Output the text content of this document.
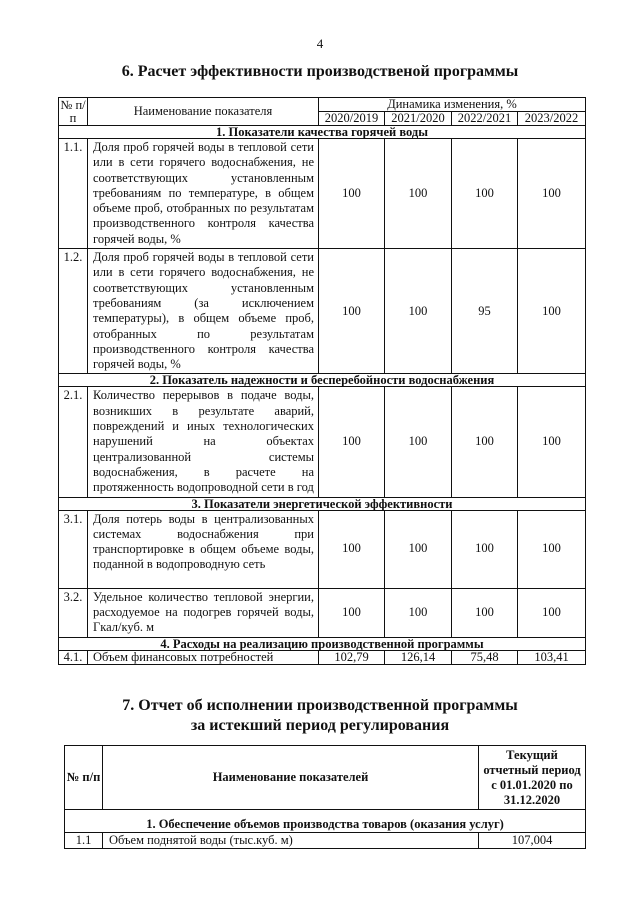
4
6. Расчет эффективности производственой программы
№ п/п	Наименование показателя	Динамика изменения, %			
		2020/2019	2021/2020	2022/2021	2023/2022
1. Показатели качества горячей воды					
1.1.	Доля проб горячей воды в тепловой сети или в сети горячего водоснабжения, не соответствующих установленным требованиям по температуре, в общем объеме проб, отобранных по результатам производственного контроля качества горячей воды, %	100	100	100	100
1.2.	Доля проб горячей воды в тепловой сети или в сети горячего водоснабжения, не соответствующих установленным требованиям (за исключением температуры), в общем объеме проб, отобранных по результатам производственного контроля качества горячей воды, %	100	100	95	100
2. Показатель надежности и бесперебойности водоснабжения					
2.1.	Количество перерывов в подаче воды, возникших в результате аварий, повреждений и иных технологических нарушений на объектах централизованной системы водоснабжения, в расчете на протяженность водопроводной сети в год	100	100	100	100
3. Показатели энергетической эффективности					
3.1.	Доля потерь воды в централизованных системах водоснабжения при транспортировке в общем объеме воды, поданной в водопроводную сеть	100	100	100	100
3.2.	Удельное количество тепловой энергии, расходуемое на подогрев горячей воды, Гкал/куб. м	100	100	100	100
4. Расходы на реализацию производственной программы					
4.1.	Объем финансовых потребностей	102,79	126,14	75,48	103,41
7. Отчет об исполнении производственной программы
за истекший период регулирования
№ п/п	Наименование показателей	Текущий отчетный период с 01.01.2020 по 31.12.2020
1. Обеспечение объемов производства товаров (оказания услуг)		
1.1	Объем поднятой воды (тыс.куб. м)	107,004
